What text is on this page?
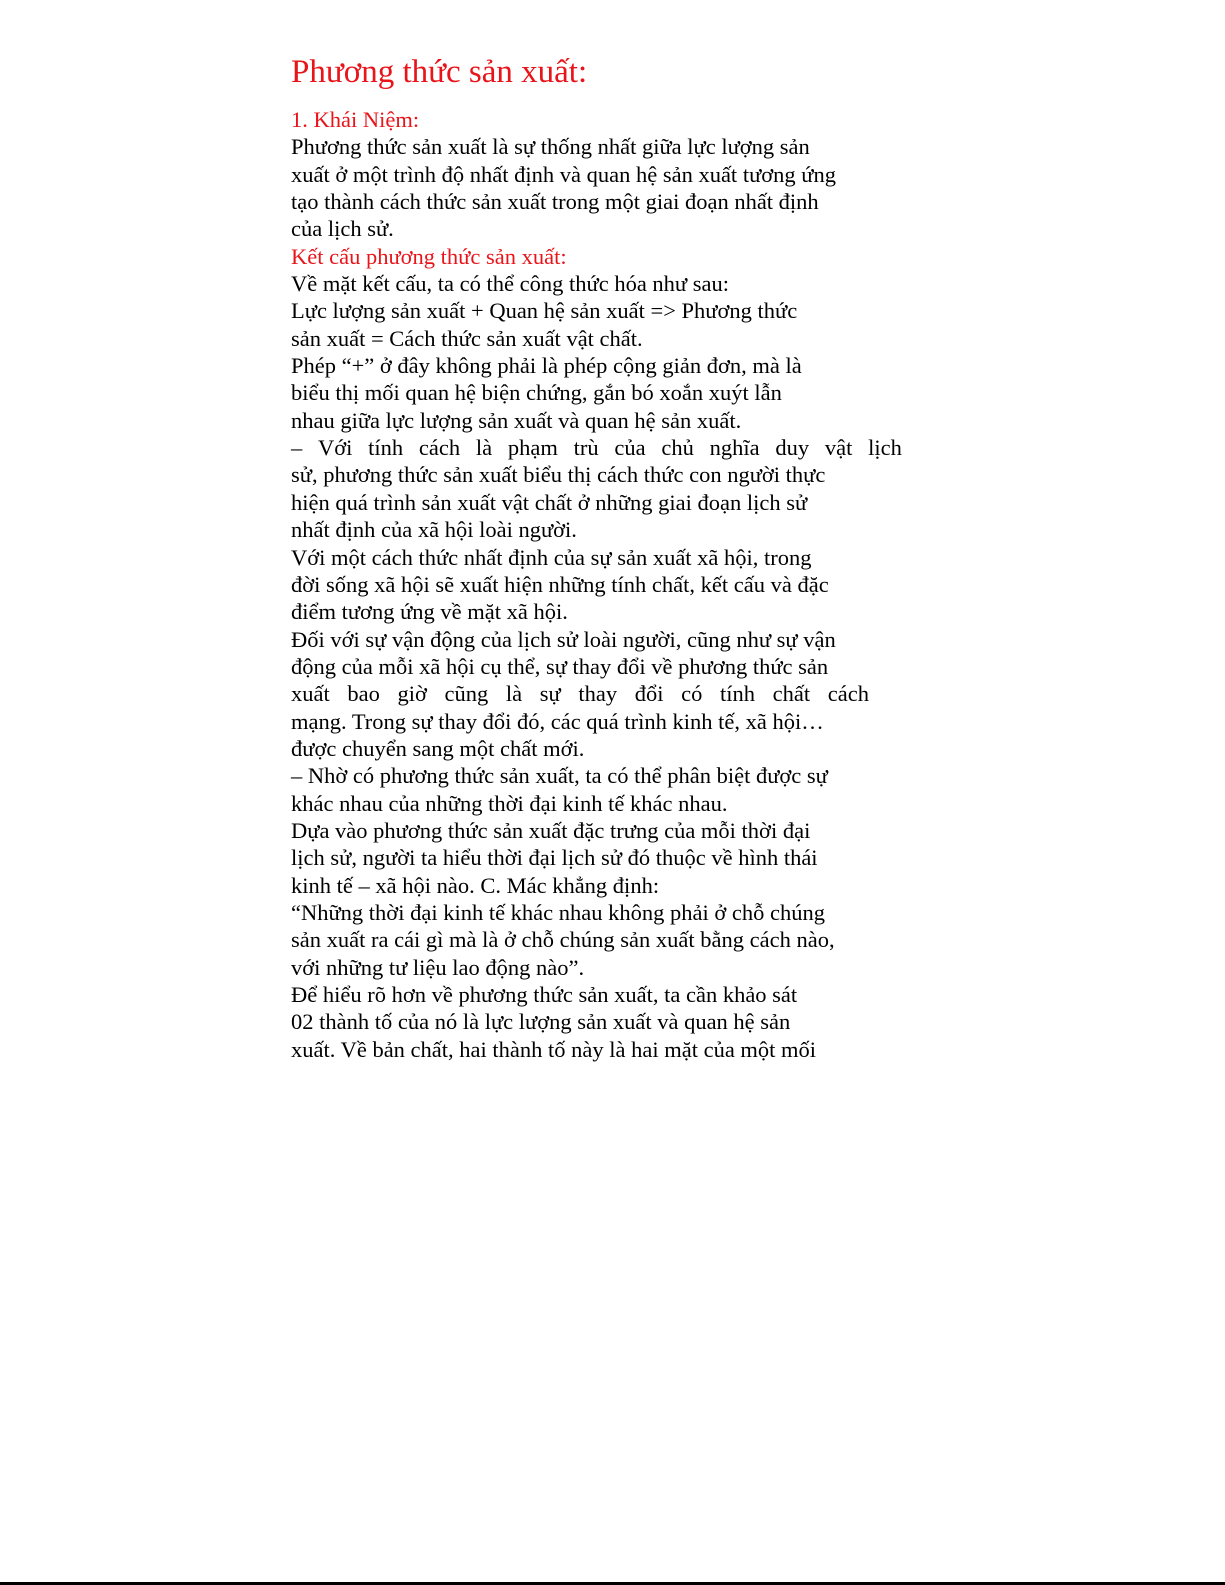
Phương thức sản xuất:
1. Khái Niệm:
Phương thức sản xuất là sự thống nhất giữa lực lượng sản
xuất ở một trình độ nhất định và quan hệ sản xuất tương ứng
tạo thành cách thức sản xuất trong một giai đoạn nhất định
của lịch sử.
Kết cấu phương thức sản xuất:
Về mặt kết cấu, ta có thể công thức hóa như sau:
Lực lượng sản xuất + Quan hệ sản xuất => Phương thức
sản xuất = Cách thức sản xuất vật chất.
Phép “+” ở đây không phải là phép cộng giản đơn, mà là
biểu thị mối quan hệ biện chứng, gắn bó xoắn xuýt lẫn
nhau giữa lực lượng sản xuất và quan hệ sản xuất.
– Với tính cách là phạm trù của chủ nghĩa duy vật lịch
sử, phương thức sản xuất biểu thị cách thức con người thực
hiện quá trình sản xuất vật chất ở những giai đoạn lịch sử
nhất định của xã hội loài người.
Với một cách thức nhất định của sự sản xuất xã hội, trong
đời sống xã hội sẽ xuất hiện những tính chất, kết cấu và đặc
điểm tương ứng về mặt xã hội.
Đối với sự vận động của lịch sử loài người, cũng như sự vận
động của mỗi xã hội cụ thể, sự thay đổi về phương thức sản
xuất bao giờ cũng là sự thay đổi có tính chất cách
mạng. Trong sự thay đổi đó, các quá trình kinh tế, xã hội…
được chuyển sang một chất mới.
– Nhờ có phương thức sản xuất, ta có thể phân biệt được sự
khác nhau của những thời đại kinh tế khác nhau.
Dựa vào phương thức sản xuất đặc trưng của mỗi thời đại
lịch sử, người ta hiểu thời đại lịch sử đó thuộc về hình thái
kinh tế – xã hội nào. C. Mác khẳng định:
“Những thời đại kinh tế khác nhau không phải ở chỗ chúng
sản xuất ra cái gì mà là ở chỗ chúng sản xuất bằng cách nào,
với những tư liệu lao động nào”.
Để hiểu rõ hơn về phương thức sản xuất, ta cần khảo sát
02 thành tố của nó là lực lượng sản xuất và quan hệ sản
xuất. Về bản chất, hai thành tố này là hai mặt của một mối
